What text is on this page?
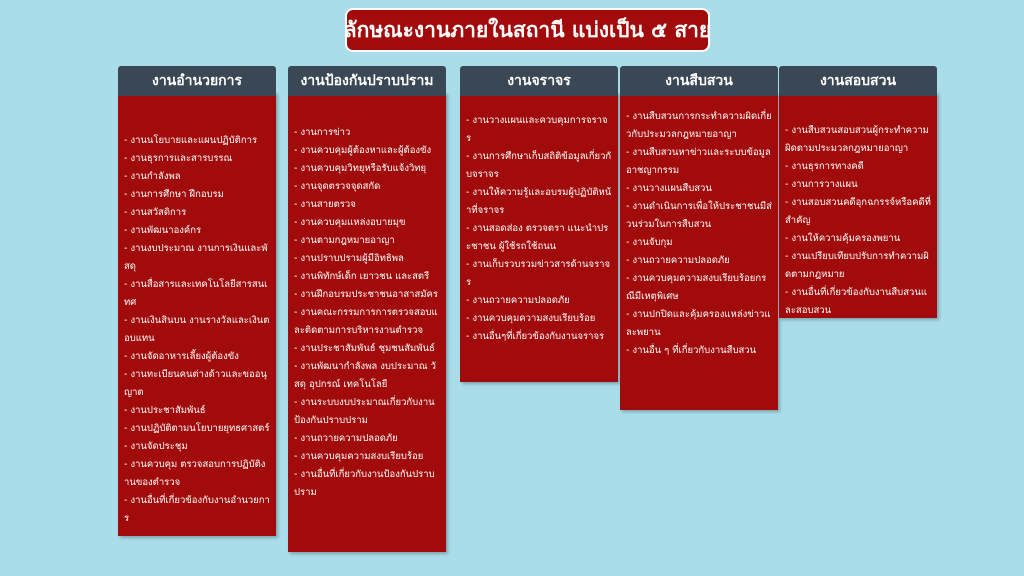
ลักษณะงานภายในสถานี แบ่งเป็น ๕ สาย
งานอำนวยการ
- งานนโยบายและแผนปฏิบัติการ
- งานธุรการและสารบรรณ
- งานกำลังพล
- งานการศึกษา ฝึกอบรม
- งานสวัสดิการ
- งานพัฒนาองค์กร
- งานงบประมาณ งานการเงินและพัสดุ
- งานสื่อสารและเทคโนโลยีสารสนเทศ
- งานเงินสินบน งานรางวัลและเงินตอบแทน
- งานจัดอาหารเลี้ยงผู้ต้องขัง
- งานทะเบียนคนต่างด้าวและขออนุญาต
- งานประชาสัมพันธ์
- งานปฏิบัติตามนโยบายยุทธศาสตร์
- งานจัดประชุม
- งานควบคุม ตรวจสอบการปฏิบัติงานของตำรวจ
- งานอื่นที่เกี่ยวข้องกับงานอำนวยการ
งานป้องกันปราบปราม
- งานการข่าว
- งานควบคุมผู้ต้องหาและผู้ต้องขัง
- งานควบคุมวิทยุหรือรับแจ้งวิทยุ
- งานจุดตรวจจุดสกัด
- งานสายตรวจ
- งานควบคุมแหล่งอบายมุข
- งานตามกฎหมายอาญา
- งานปราบปรามผู้มีอิทธิพล
- งานพิทักษ์เด็ก เยาวชน และสตรี
- งานฝึกอบรมประชาชนอาสาสมัคร
- งานคณะกรรมการการตรวจสอบและติดตามการบริหารงานตำรวจ
- งานประชาสัมพันธ์ ชุมชนสัมพันธ์
- งานพัฒนากำลังพล งบประมาณ วัสดุ อุปกรณ์ เทคโนโลยี
- งานระบบงบประมาณเกี่ยวกับงานป้องกันปราบปราม
- งานถวายความปลอดภัย
- งานควบคุมความสงบเรียบร้อย
- งานอื่นที่เกี่ยวกับงานป้องกันปราบปราม
งานจราจร
- งานวางแผนและควบคุมการจราจร
- งานการศึกษาเก็บสถิติข้อมูลเกี่ยวกับจราจร
- งานให้ความรู้และอบรมผู้ปฏิบัติหน้าที่จราจร
- งานสอดส่อง ตรวจตรา แนะนำประชาชน ผู้ใช้รถใช้ถนน
- งานเก็บรวบรวมข่าวสารด้านจราจร
- งานถวายความปลอดภัย
- งานควบคุมความสงบเรียบร้อย
- งานอื่นๆที่เกี่ยวข้องกับงานจราจร
งานสืบสวน
- งานสืบสวนการกระทำความผิดเกี่ยวกับประมวลกฎหมายอาญา
- งานสืบสวนหาข่าวและระบบข้อมูลอาชญากรรม
- งานวางแผนสืบสวน
- งานดำเนินการเพื่อให้ประชาชนมีส่วนร่วมในการสืบสวน
- งานจับกุม
- งานถวายความปลอดภัย
- งานควบคุมความสงบเรียบร้อยกรณีมีเหตุพิเศษ
- งานปกปิดและคุ้มครองแหล่งข่าวและพยาน
- งานอื่น ๆ ที่เกี่ยวกับงานสืบสวน
งานสอบสวน
- งานสืบสวนสอบสวนผู้กระทำความผิดตามประมวลกฎหมายอาญา
- งานธุรการทางคดี
- งานการวางแผน
- งานสอบสวนคดีอุกฉกรรจ์หรือคดีที่สำคัญ
- งานให้ความคุ้มครองพยาน
- งานเปรียบเทียบปรับการทำความผิดตามกฎหมาย
- งานอื่นที่เกี่ยวข้องกับงานสืบสวนและสอบสวน
